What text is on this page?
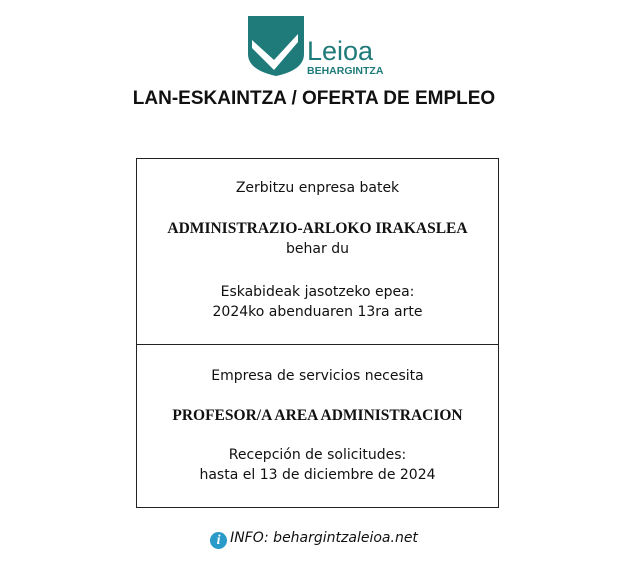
Leioa
BEHARGINTZA
LAN-ESKAINTZA / OFERTA DE EMPLEO
Zerbitzu enpresa batek
ADMINISTRAZIO-ARLOKO IRAKASLEA
behar du
Eskabideak jasotzeko epea:
2024ko abenduaren 13ra arte
Empresa de servicios necesita
PROFESOR/A AREA ADMINISTRACION
Recepción de solicitudes:
hasta el 13 de diciembre de 2024
i INFO: behargintzaleioa.net
